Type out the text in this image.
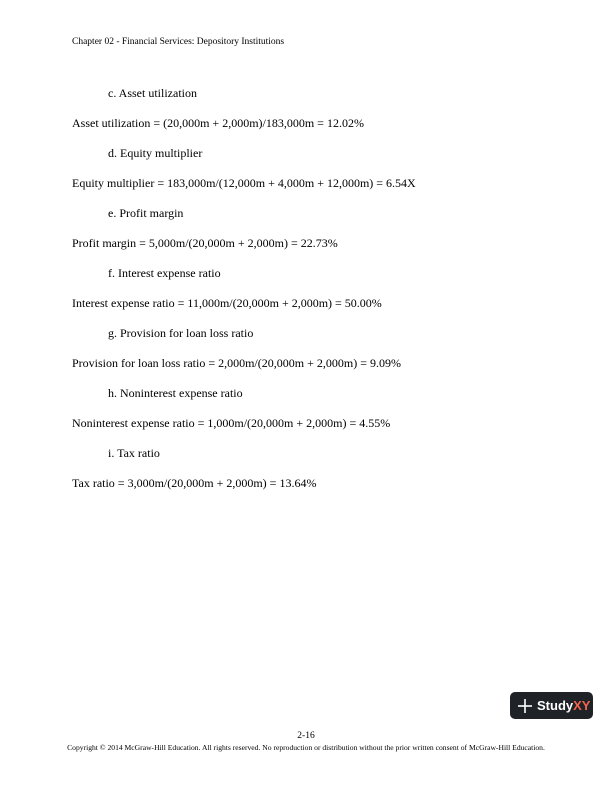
Chapter 02 - Financial Services: Depository Institutions

c. Asset utilization

Asset utilization = (20,000m + 2,000m)/183,000m = 12.02%

d. Equity multiplier

Equity multiplier = 183,000m/(12,000m + 4,000m + 12,000m) = 6.54X

e. Profit margin

Profit margin = 5,000m/(20,000m + 2,000m) = 22.73%

f. Interest expense ratio

Interest expense ratio = 11,000m/(20,000m + 2,000m) = 50.00%

g. Provision for loan loss ratio

Provision for loan loss ratio = 2,000m/(20,000m + 2,000m) = 9.09%

h. Noninterest expense ratio

Noninterest expense ratio = 1,000m/(20,000m + 2,000m) = 4.55%

i. Tax ratio

Tax ratio = 3,000m/(20,000m + 2,000m) = 13.64%

StudyXY
2-16
Copyright © 2014 McGraw-Hill Education. All rights reserved. No reproduction or distribution without the prior written consent of McGraw-Hill Education.
